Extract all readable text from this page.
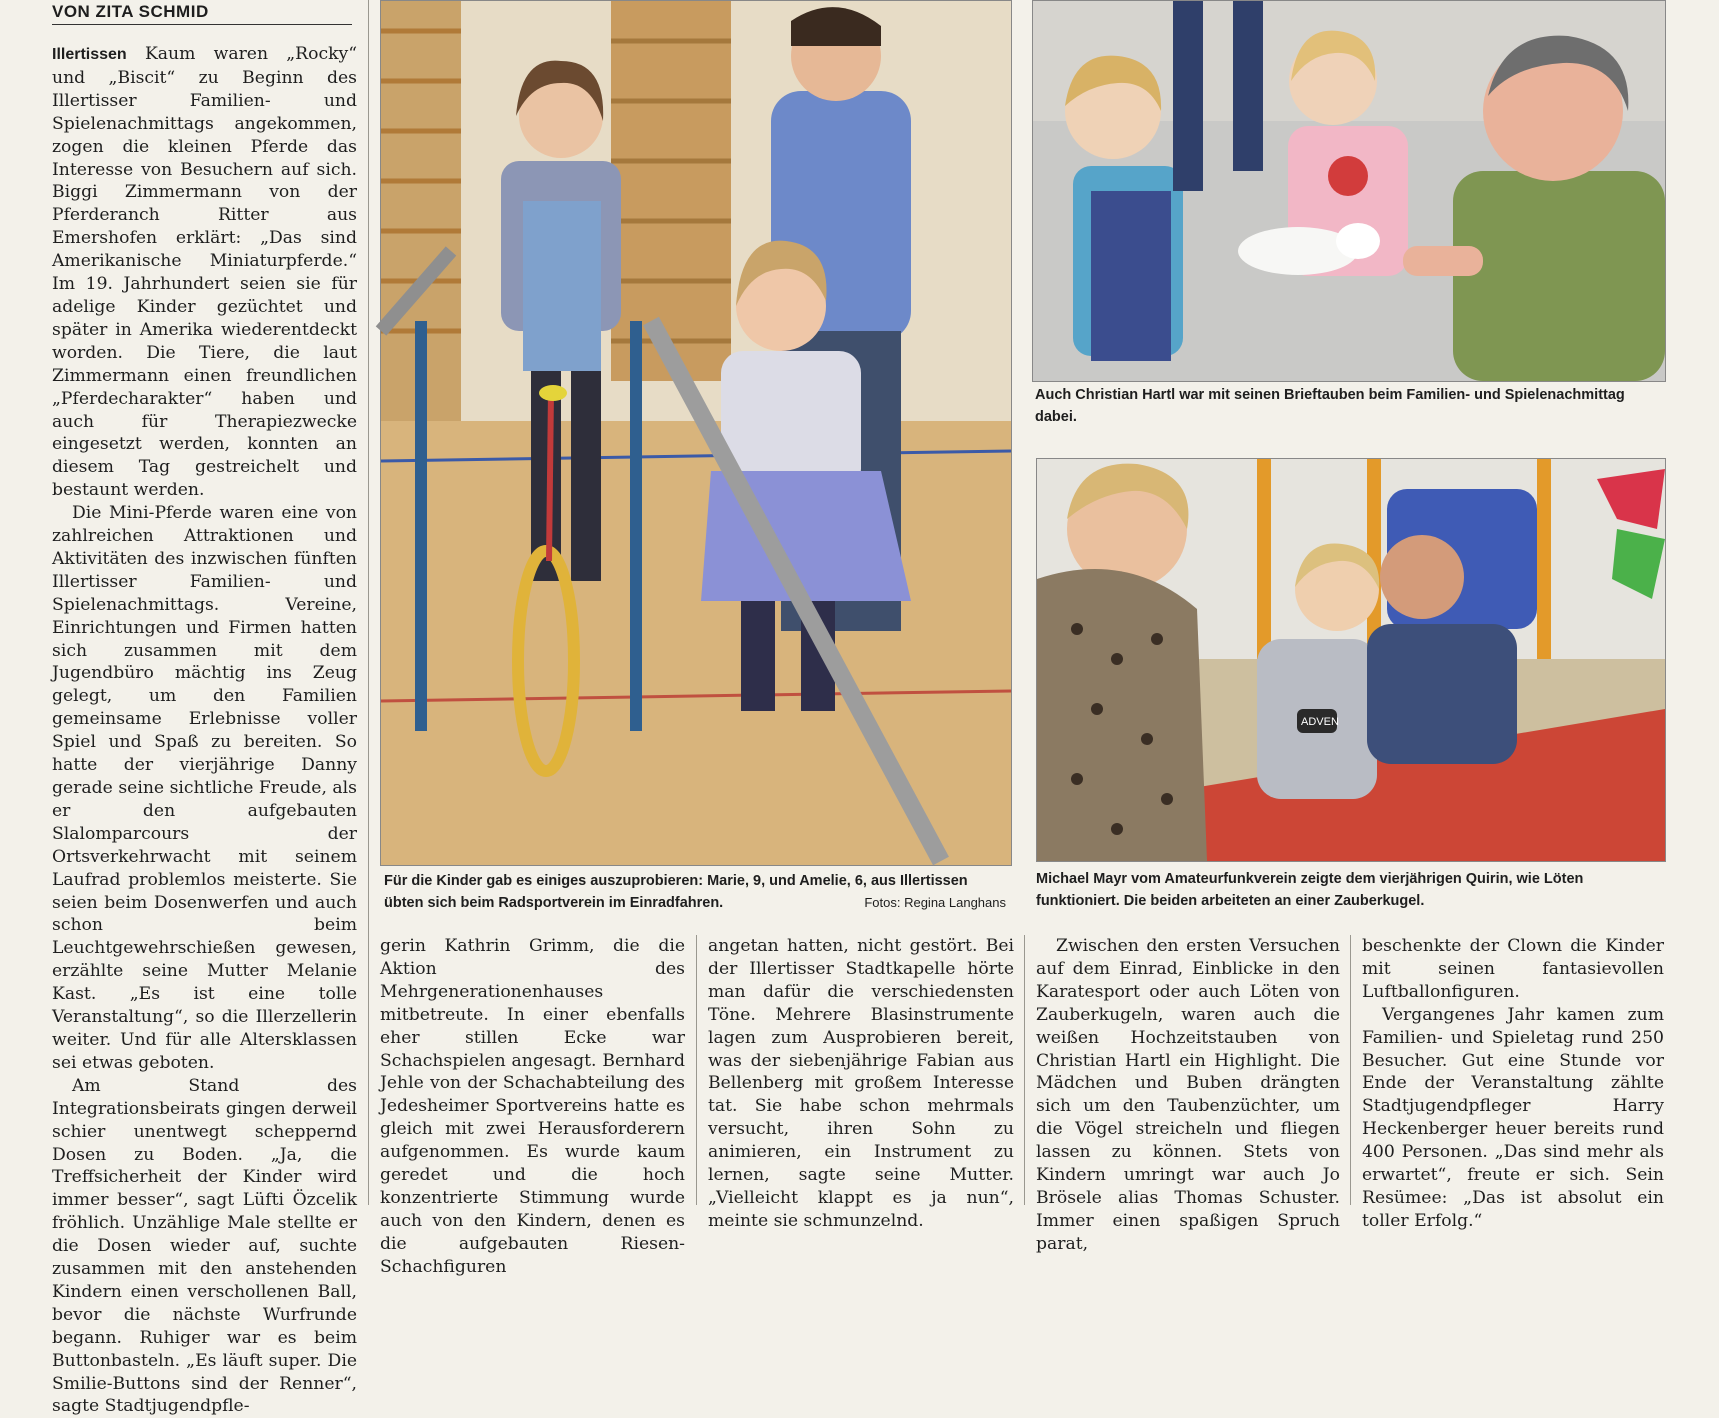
VON ZITA SCHMID

Illertissen Kaum waren „Rocky“ und „Biscit“ zu Beginn des Illertisser Familien- und Spielenachmittags angekommen, zogen die kleinen Pferde das Interesse von Besuchern auf sich. Biggi Zimmermann von der Pferderanch Ritter aus Emershofen erklärt: „Das sind Amerikanische Miniaturpferde.“ Im 19. Jahrhundert seien sie für adelige Kinder gezüchtet und später in Amerika wiederentdeckt worden. Die Tiere, die laut Zimmermann einen freundlichen „Pferdecharakter“ haben und auch für Therapiezwecke eingesetzt werden, konnten an diesem Tag gestreichelt und bestaunt werden.

Die Mini-Pferde waren eine von zahlreichen Attraktionen und Aktivitäten des inzwischen fünften Illertisser Familien- und Spielenachmittags. Vereine, Einrichtungen und Firmen hatten sich zusammen mit dem Jugendbüro mächtig ins Zeug gelegt, um den Familien gemeinsame Erlebnisse voller Spiel und Spaß zu bereiten. So hatte der vierjährige Danny gerade seine sichtliche Freude, als er den aufgebauten Slalomparcours der Ortsverkehrwacht mit seinem Laufrad problemlos meisterte. Sie seien beim Dosenwerfen und auch schon beim Leuchtgewehrschießen gewesen, erzählte seine Mutter Melanie Kast. „Es ist eine tolle Veranstaltung“, so die Illerzellerin weiter. Und für alle Altersklassen sei etwas geboten.

Am Stand des Integrationsbeirats gingen derweil schier unentwegt scheppernd Dosen zu Boden. „Ja, die Treffsicherheit der Kinder wird immer besser“, sagt Lüfti Özcelik fröhlich. Unzählige Male stellte er die Dosen wieder auf, suchte zusammen mit den anstehenden Kindern einen verschollenen Ball, bevor die nächste Wurfrunde begann. Ruhiger war es beim Buttonbasteln. „Es läuft super. Die Smilie-Buttons sind der Renner“, sagte Stadtjugendpfle-

Für die Kinder gab es einiges auszuprobieren: Marie, 9, und Amelie, 6, aus Illertissen übten sich beim Radsportverein im Einradfahren.	Fotos: Regina Langhans
Auch Christian Hartl war mit seinen Brieftauben beim Familien- und Spielenachmittag dabei.
ADVEN
Michael Mayr vom Amateurfunkverein zeigte dem vierjährigen Quirin, wie Löten funktioniert. Die beiden arbeiteten an einer Zauberkugel.

gerin Kathrin Grimm, die die Aktion des Mehrgenerationenhauses mitbetreute. In einer ebenfalls eher stillen Ecke war Schachspielen angesagt. Bernhard Jehle von der Schachabteilung des Jedesheimer Sportvereins hatte es gleich mit zwei Herausforderern aufgenommen. Es wurde kaum geredet und die hoch konzentrierte Stimmung wurde auch von den Kindern, denen es die aufgebauten Riesen-Schachfiguren

angetan hatten, nicht gestört. Bei der Illertisser Stadtkapelle hörte man dafür die verschiedensten Töne. Mehrere Blasinstrumente lagen zum Ausprobieren bereit, was der siebenjährige Fabian aus Bellenberg mit großem Interesse tat. Sie habe schon mehrmals versucht, ihren Sohn zu animieren, ein Instrument zu lernen, sagte seine Mutter. „Vielleicht klappt es ja nun“, meinte sie schmunzelnd.

Zwischen den ersten Versuchen auf dem Einrad, Einblicke in den Karatesport oder auch Löten von Zauberkugeln, waren auch die weißen Hochzeitstauben von Christian Hartl ein Highlight. Die Mädchen und Buben drängten sich um den Taubenzüchter, um die Vögel streicheln und fliegen lassen zu können. Stets von Kindern umringt war auch Jo Brösele alias Thomas Schuster. Immer einen spaßigen Spruch parat,

beschenkte der Clown die Kinder mit seinen fantasievollen Luftballonfiguren.

Vergangenes Jahr kamen zum Familien- und Spieletag rund 250 Besucher. Gut eine Stunde vor Ende der Veranstaltung zählte Stadtjugendpfleger Harry Heckenberger heuer bereits rund 400 Personen. „Das sind mehr als erwartet“, freute er sich. Sein Resümee: „Das ist absolut ein toller Erfolg.“
